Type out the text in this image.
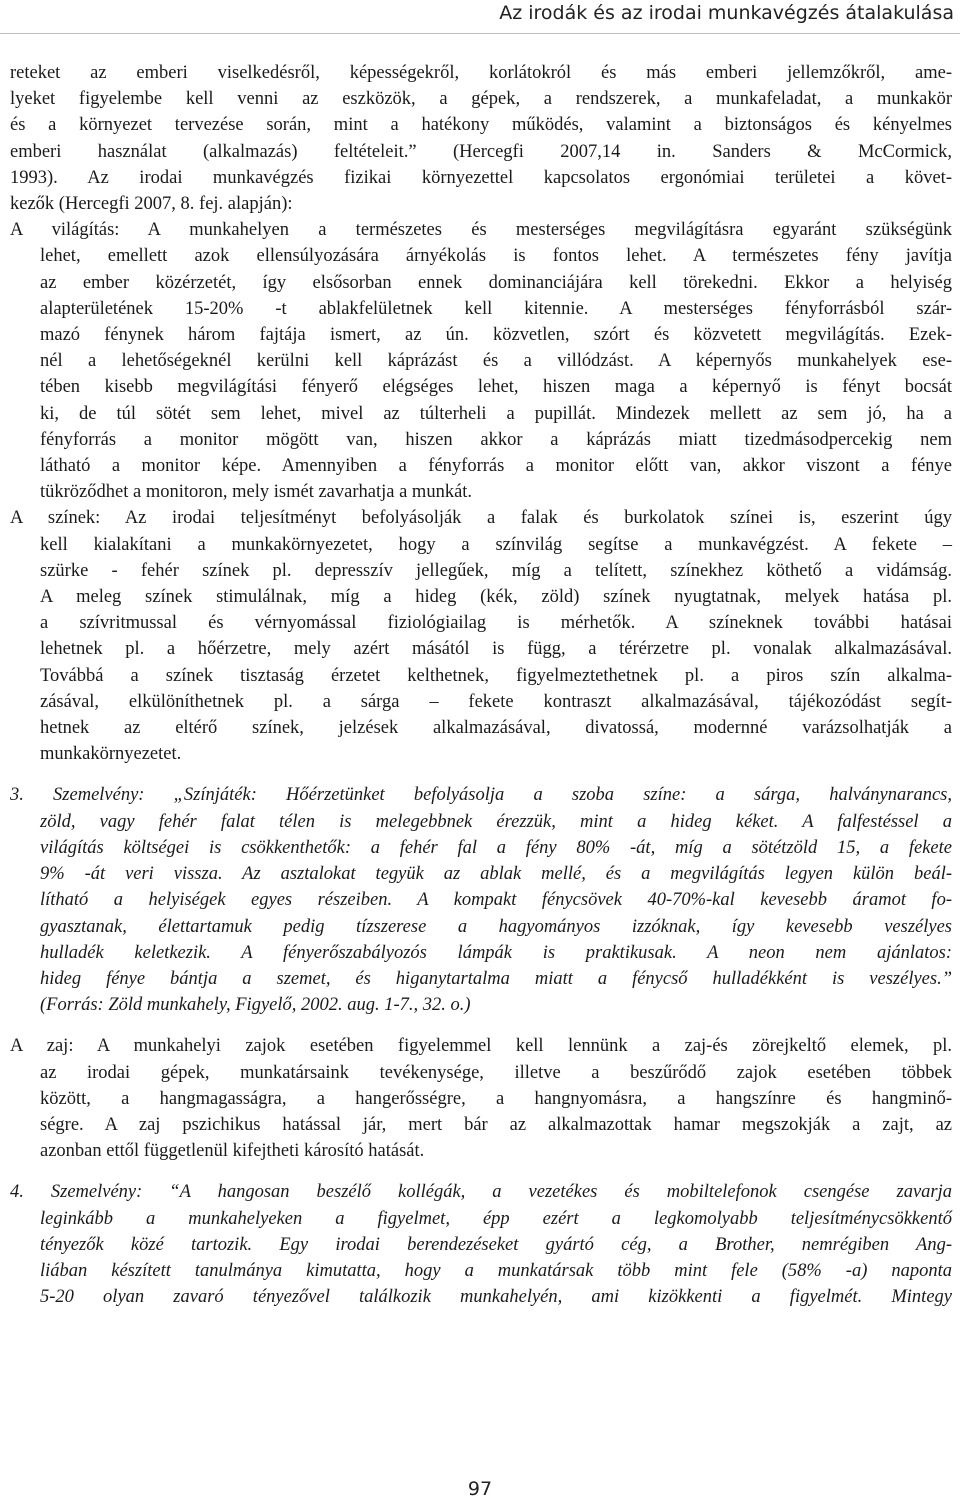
Az irodák és az irodai munkavégzés átalakulása

reteket az emberi viselkedésről, képességekről, korlátokról és más emberi jellemzőkről, ame-
lyeket figyelembe kell venni az eszközök, a gépek, a rendszerek, a munkafeladat, a munkakör
és a környezet tervezése során, mint a hatékony működés, valamint a biztonságos és kényelmes
emberi használat (alkalmazás) feltételeit.” (Hercegfi 2007,14 in. Sanders & McCormick,
1993). Az irodai munkavégzés fizikai környezettel kapcsolatos ergonómiai területei a követ-
kezők (Hercegfi 2007, 8. fej. alapján):

A világítás: A munkahelyen a természetes és mesterséges megvilágításra egyaránt szükségünk
lehet, emellett azok ellensúlyozására árnyékolás is fontos lehet. A természetes fény javítja
az ember közérzetét, így elsősorban ennek dominanciájára kell törekedni. Ekkor a helyiség
alapterületének 15-20% -t ablakfelületnek kell kitennie. A mesterséges fényforrásból szár-
mazó fénynek három fajtája ismert, az ún. közvetlen, szórt és közvetett megvilágítás. Ezek-
nél a lehetőségeknél kerülni kell káprázást és a villódzást. A képernyős munkahelyek ese-
tében kisebb megvilágítási fényerő elégséges lehet, hiszen maga a képernyő is fényt bocsát
ki, de túl sötét sem lehet, mivel az túlterheli a pupillát. Mindezek mellett az sem jó, ha a
fényforrás a monitor mögött van, hiszen akkor a káprázás miatt tizedmásodpercekig nem
látható a monitor képe. Amennyiben a fényforrás a monitor előtt van, akkor viszont a fénye
tükröződhet a monitoron, mely ismét zavarhatja a munkát.

A színek: Az irodai teljesítményt befolyásolják a falak és burkolatok színei is, eszerint úgy
kell kialakítani a munkakörnyezetet, hogy a színvilág segítse a munkavégzést. A fekete –
szürke - fehér színek pl. depresszív jellegűek, míg a telített, színekhez köthető a vidámság.
A meleg színek stimulálnak, míg a hideg (kék, zöld) színek nyugtatnak, melyek hatása pl.
a szívritmussal és vérnyomással fiziológiailag is mérhetők. A színeknek további hatásai
lehetnek pl. a hőérzetre, mely azért másától is függ, a térérzetre pl. vonalak alkalmazásával.
Továbbá a színek tisztaság érzetet kelthetnek, figyelmeztethetnek pl. a piros szín alkalma-
zásával, elkülöníthetnek pl. a sárga – fekete kontraszt alkalmazásával, tájékozódást segít-
hetnek az eltérő színek, jelzések alkalmazásával, divatossá, modernné varázsolhatják a
munkakörnyezetet.

3. Szemelvény: „Színjáték: Hőérzetünket befolyásolja a szoba színe: a sárga, halványnarancs,
zöld, vagy fehér falat télen is melegebbnek érezzük, mint a hideg kéket. A falfestéssel a
világítás költségei is csökkenthetők: a fehér fal a fény 80% -át, míg a sötétzöld 15, a fekete
9% -át veri vissza. Az asztalokat tegyük az ablak mellé, és a megvilágítás legyen külön beál-
lítható a helyiségek egyes részeiben. A kompakt fénycsövek 40-70%-kal kevesebb áramot fo-
gyasztanak, élettartamuk pedig tízszerese a hagyományos izzóknak, így kevesebb veszélyes
hulladék keletkezik. A fényerőszabályozós lámpák is praktikusak. A neon nem ajánlatos:
hideg fénye bántja a szemet, és higanytartalma miatt a fénycső hulladékként is veszélyes.”
(Forrás: Zöld munkahely, Figyelő, 2002. aug. 1-7., 32. o.)

A zaj: A munkahelyi zajok esetében figyelemmel kell lennünk a zaj-és zörejkeltő elemek, pl.
az irodai gépek, munkatársaink tevékenysége, illetve a beszűrődő zajok esetében többek
között, a hangmagasságra, a hangerősségre, a hangnyomásra, a hangszínre és hangminő-
ségre. A zaj pszichikus hatással jár, mert bár az alkalmazottak hamar megszokják a zajt, az
azonban ettől függetlenül kifejtheti károsító hatását.

4. Szemelvény: “A hangosan beszélő kollégák, a vezetékes és mobiltelefonok csengése zavarja
leginkább a munkahelyeken a figyelmet, épp ezért a legkomolyabb teljesítménycsökkentő
tényezők közé tartozik. Egy irodai berendezéseket gyártó cég, a Brother, nemrégiben Ang-
liában készített tanulmánya kimutatta, hogy a munkatársak több mint fele (58% -a) naponta
5-20 olyan zavaró tényezővel találkozik munkahelyén, ami kizökkenti a figyelmét. Mintegy

97
